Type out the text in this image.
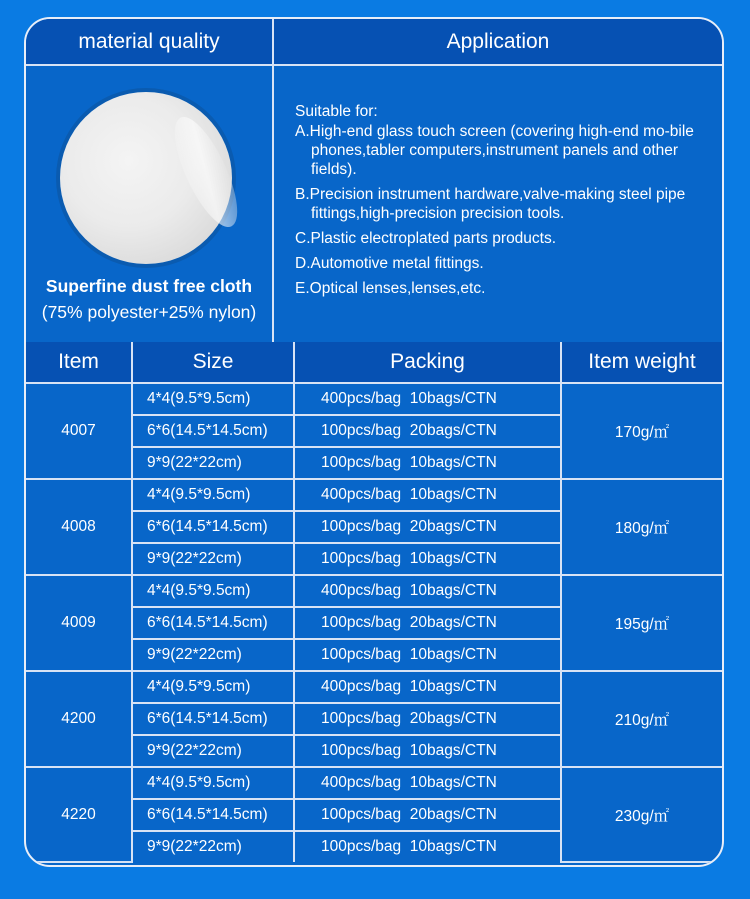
material quality	Application
Superfine dust free cloth
(75% polyester+25% nylon)
Suitable for:
A.High-end glass touch screen (covering high-end mo-bile phones,tabler computers,instrument panels and other fields).
B.Precision instrument hardware,valve-making steel pipe fittings,high-precision precision tools.
C.Plastic electroplated parts products.
D.Automotive metal fittings.
E.Optical lenses,lenses,etc.
Item	Size	Packing	Item weight
4007	4*4(9.5*9.5cm)	400pcs/bag  10bags/CTN	170g/㎡
	6*6(14.5*14.5cm)	100pcs/bag  20bags/CTN	
	9*9(22*22cm)	100pcs/bag  10bags/CTN	
4008	4*4(9.5*9.5cm)	400pcs/bag  10bags/CTN	180g/㎡
	6*6(14.5*14.5cm)	100pcs/bag  20bags/CTN	
	9*9(22*22cm)	100pcs/bag  10bags/CTN	
4009	4*4(9.5*9.5cm)	400pcs/bag  10bags/CTN	195g/㎡
	6*6(14.5*14.5cm)	100pcs/bag  20bags/CTN	
	9*9(22*22cm)	100pcs/bag  10bags/CTN	
4200	4*4(9.5*9.5cm)	400pcs/bag  10bags/CTN	210g/㎡
	6*6(14.5*14.5cm)	100pcs/bag  20bags/CTN	
	9*9(22*22cm)	100pcs/bag  10bags/CTN	
4220	4*4(9.5*9.5cm)	400pcs/bag  10bags/CTN	230g/㎡
	6*6(14.5*14.5cm)	100pcs/bag  20bags/CTN	
	9*9(22*22cm)	100pcs/bag  10bags/CTN	
